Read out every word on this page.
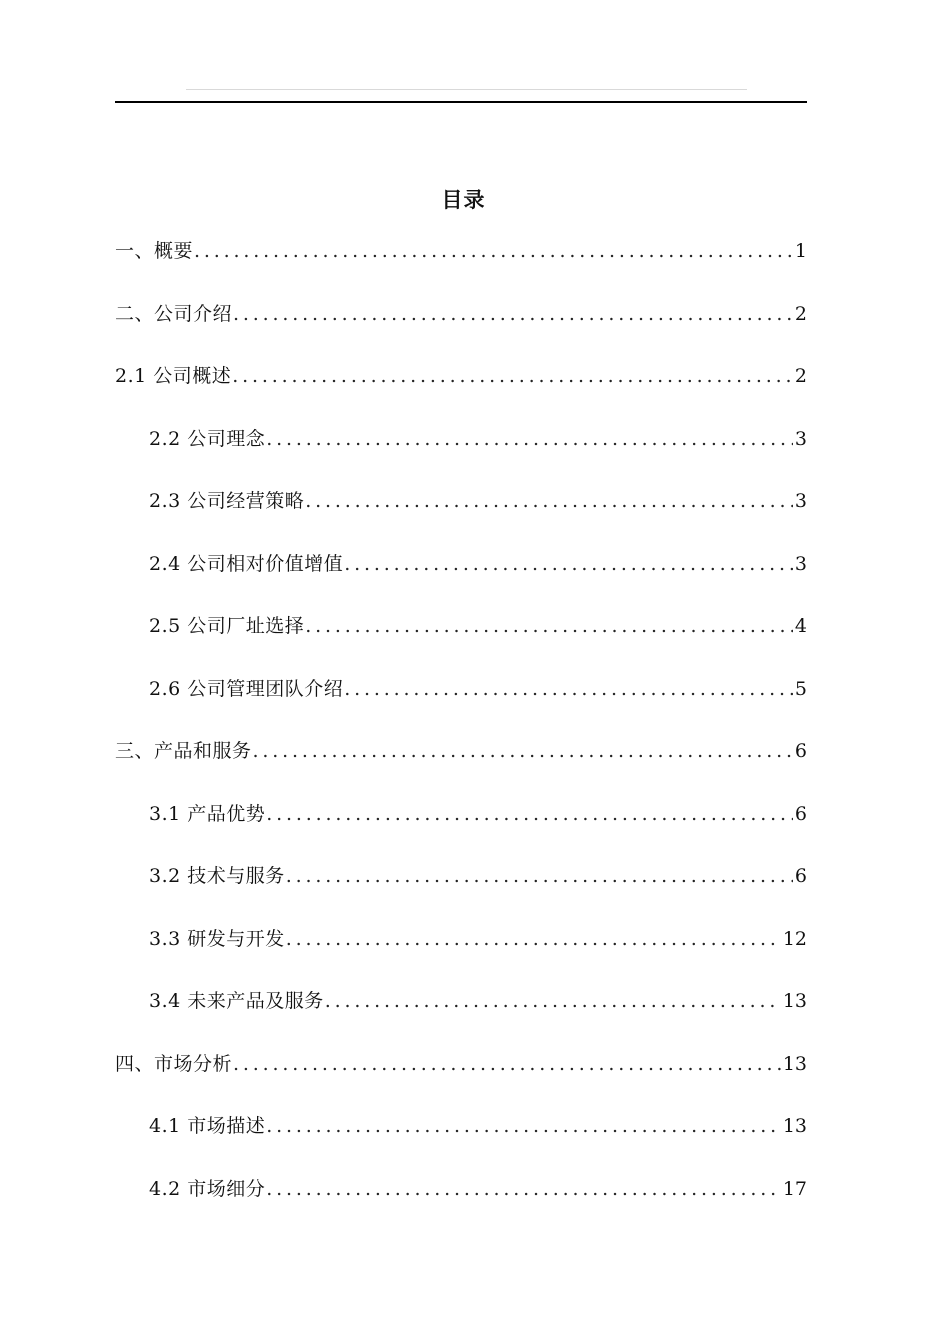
目录
一、概要 . . .	1
二、公司介绍 . . .	2
2.1 公司概述 . . .	2
2.2 公司理念 . . .	3
2.3 公司经营策略 . . .	3
2.4 公司相对价值增值 . . .	3
2.5 公司厂址选择 . . .	4
2.6 公司管理团队介绍 . . .	5
三、产品和服务 . . .	6
3.1 产品优势 . . .	6
3.2 技术与服务 . . .	6
3.3 研发与开发 . . .	12
3.4 未来产品及服务 . . .	13
四、市场分析 . . .	13
4.1 市场描述 . . .	13
4.2 市场细分 . . .	17
